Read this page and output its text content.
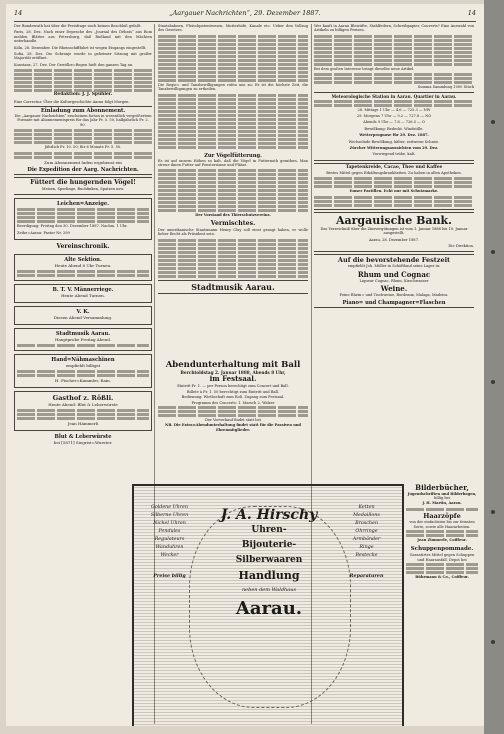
14	„Aargauer Nachrichten“, 29. Dezember 1887.	14

Der Bundesrath hat über die Preisfrage noch keinen Beschluß gefaßt.

Paris, 28. Dez. Nach einer Depesche des „Journal des Débats“ aus Rom melden Blätter aus Petersburg, daß Rußland mit den Mächten unterhandle.

Köln, 28. Dezember. Die Rheinschifffahrt ist wegen Eisgangs eingestellt.

Sofia, 28. Dez. Die Sobranje wurde in geheimer Sitzung mit großer Majorität eröffnet.

Konstanz, 27. Dez. Der Gewölbe=Regen hielt den ganzen Tag an.

Redaktion: J. J. Spühler.

Eine Correctur. Über die Kulturgeschichte Aarau folgt Morgen.

Einladung zum Abonnement.

Die „Aargauer Nachrichten“ erscheinen fortan in wesentlich vergrößertem Formate mit Abonnementspreis für das Jahr Fr. 5. 50, halbjährlich Fr. 2. 80.

Jährlich Fr. 10. 50; für 6 Monate Fr. 5. 50.

Zum Abonnement laden ergebenst ein

Die Expedition der Aarg. Nachrichten.
Füttert die hungernden Vögel!

Meisen, Sperlinge, Buchfinken, Spatzen usw.

Leichen=Anzeige.

Beerdigung: Freitag den 30. Dezember 1887, Nachm. 1 Uhr.

Zeihe=Aarau: Pastor Nr. 299

Vereinschronik.
Alte Sektion.

Heute Abend 8 Uhr Turnen.

B. T. V. Männerriege.

Heute Abend Turnen.

V. K.

Diesen Abend Versammlung.

Stadtmusik Aarau.

Hauptprobe Freitag Abend.

Hand=Nähmaschinen

empfiehlt billigst

H. Fischer=Kummler, Rain.

Gasthof z. Rößli.

Heute Abend: Blut & Leberwürste

Jean Hämmerli

Blut & Leberwürste

bei [5871] Siegrist=Wurster.

Staatsbahnen, Fleischpatentwesen, Mutterhöfe, Kanale etc. Ueber den Vollzug des Gesetzes.

Die Regie= und Tanzbewilligungen rufen uns zu: Es ist die höchste Zeit, die Tanzbewilligungen zu ertheilen.

Zur Vögelfütterung.

Es ist auf unsern Höhen so kalt, daß die Vögel in Futternoth gerathen. Man streue ihnen Futter auf Fenstersimse und Plätze.

Der Vorstand des Thierschutzvereins.

Vermischtes.

Der amerikanische Staatsmann Henry Clay soll einst gesagt haben, er wolle lieber Recht als Präsident sein.

Stadtmusik Aarau.
Abendunterhaltung mit Ball

Berchtoldstag 2. Januar 1888, Abends 8 Uhr,

im Festsaal.

Eintritt Fr. 1. — per Person berechtigt zum Concert und Ball.

Billete à Fr. 1. 50 berechtigt zum Eintritt und Ball.

Bedienung: Wirthschaft zum Roß. Zugang zum Festsaal.

Programm des Concerts: 1. Marsch 2. Walzer

Der Vorverkauf findet statt bei

NB. Die Extra=Abendunterhaltung findet statt für die Passiven und Ehrenmitglieder.

Wer kauft in Aarau Bleistifte, Stahlfedern, Schreibpapier, Couverts? Eine Auswahl von Artikeln zu billigen Preisen.

Bei dem großen Interesse bringt dieselbe neue Artikel.

Summa Sammlung 1000 Stück

Meteorologische Station in Aarau. Quartier in Aarau.

28. Mittags 1 Uhr — 4.6 — 725.3 — NW

29. Morgens 7 Uhr — 9.2 — 727.8 — NO

Abends 9 Uhr — 7.6 — 726.5 — O

Bewölkung: Bedeckt. Windstille.

Wetterprognose für 29. Dez. 1887.

Wechselnde Bewölkung, kälter, zeitweise Schnee.

Zürcher Witterungsaussichten vom 29. Dez.

Vorwiegend trübe, kalt.

Tapetenkreide, Cacao, Thee und Kaffee

Bestes Mittel gegen Erkältungskrankheiten. Zu haben in allen Apotheken.

Emser Pastillen. Echt nur mit Schutzmarke.

Aargauische Bank.

Das Verzeichniß über die Zinsvergütungen ist vom 1. Januar 1888 bis 10. Januar ausgestellt.

Aarau, 28. Dezember 1887.

Die Direktion.

Auf die bevorstehende Festzeit

empfiehlt Joh. Müller in Schöftland seine Lager in:

Rhum und Cognac

Liqueur Cognac, Rhum, Kirschwasser

Weine.

Feine Rhein= und Tischweine, Bordeaux, Malaga, Madeira.

Piano= und Champagner=Flaschen
Bilderbücher,

Jugendschriften und Bilderbogen,

billig bei

J. H. Martin, Aarau.

Haarzöpfe

von der einfachsten bis zur feinsten Sorte, sowie alle Haararbeiten.

Jean Zimmerle, Coiffeur.

Schuppenpommade.

Garantirtes Mittel gegen Schuppen und Haarausfall. Depot bei

Bührmann & Co., Coiffeur.

Goldene Uhren
Silberne Uhren
Nickel Uhren
Pendules
Regulateurs
Wanduhren
Wecker
Preise billig
Ketten
Medaillons
Broschen
Ohrringe
Armbänder
Ringe
Bestecke
Reparaturen
J. A. Hirschy
Uhren-
Bijouterie-
Silberwaaren
Handlung
neben dem Waldhaus
Aarau.
